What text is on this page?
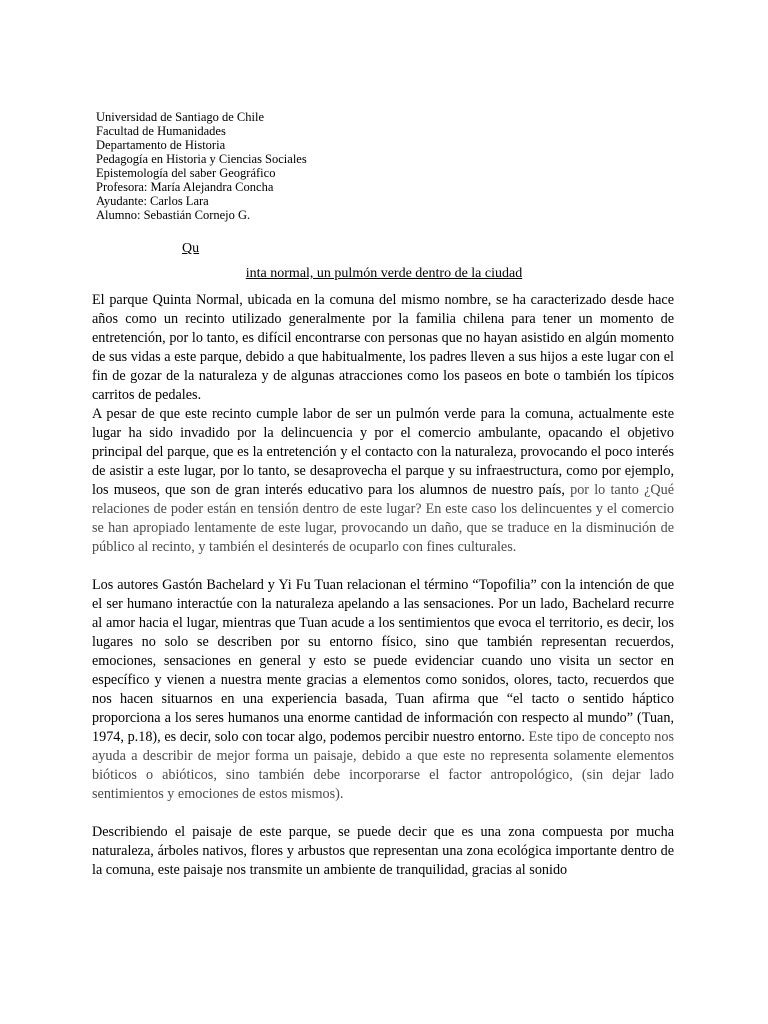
Universidad de Santiago de Chile
Facultad de Humanidades
Departamento de Historia
Pedagogía en Historia y Ciencias Sociales
Epistemología del saber Geográfico
Profesora: María Alejandra Concha
Ayudante: Carlos Lara
Alumno: Sebastián Cornejo G.
Qu
inta normal, un pulmón verde dentro de la ciudad

El parque Quinta Normal, ubicada en la comuna del mismo nombre, se ha caracterizado desde hace años como un recinto utilizado generalmente por la familia chilena para tener un momento de entretención, por lo tanto, es difícil encontrarse con personas que no hayan asistido en algún momento de sus vidas a este parque, debido a que habitualmente, los padres lleven a sus hijos a este lugar con el fin de gozar de la naturaleza y de algunas atracciones como los paseos en bote o también los típicos carritos de pedales.

A pesar de que este recinto cumple labor de ser un pulmón verde para la comuna, actualmente este lugar ha sido invadido por la delincuencia y por el comercio ambulante, opacando el objetivo principal del parque, que es la entretención y el contacto con la naturaleza, provocando el poco interés de asistir a este lugar, por lo tanto, se desaprovecha el parque y su infraestructura, como por ejemplo, los museos, que son de gran interés educativo para los alumnos de nuestro país, por lo tanto ¿Qué relaciones de poder están en tensión dentro de este lugar? En este caso los delincuentes y el comercio se han apropiado lentamente de este lugar, provocando un daño, que se traduce en la disminución de público al recinto, y también el desinterés de ocuparlo con fines culturales.

Los autores Gastón Bachelard y Yi Fu Tuan relacionan el término “Topofilia” con la intención de que el ser humano interactúe con la naturaleza apelando a las sensaciones. Por un lado, Bachelard recurre al amor hacia el lugar, mientras que Tuan acude a los sentimientos que evoca el territorio, es decir, los lugares no solo se describen por su entorno físico, sino que también representan recuerdos, emociones, sensaciones en general y esto se puede evidenciar cuando uno visita un sector en específico y vienen a nuestra mente gracias a elementos como sonidos, olores, tacto, recuerdos que nos hacen situarnos en una experiencia basada, Tuan afirma que “el tacto o sentido háptico proporciona a los seres humanos una enorme cantidad de información con respecto al mundo” (Tuan, 1974, p.18), es decir, solo con tocar algo, podemos percibir nuestro entorno. Este tipo de concepto nos ayuda a describir de mejor forma un paisaje, debido a que este no representa solamente elementos bióticos o abióticos, sino también debe incorporarse el factor antropológico, (sin dejar lado sentimientos y emociones de estos mismos).

Describiendo el paisaje de este parque, se puede decir que es una zona compuesta por mucha naturaleza, árboles nativos, flores y arbustos que representan una zona ecológica importante dentro de la comuna, este paisaje nos transmite un ambiente de tranquilidad, gracias al sonido
